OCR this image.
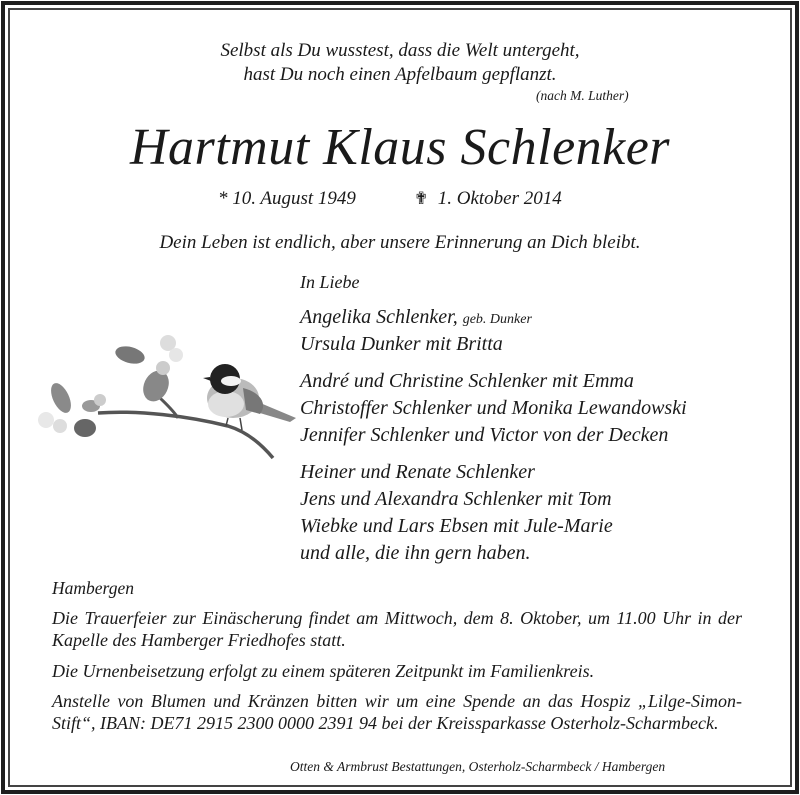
Selbst als Du wusstest, dass die Welt untergeht,
hast Du noch einen Apfelbaum gepflanzt.
(nach M. Luther)
Hartmut Klaus Schlenker
* 10. August 1949	✟ 1. Oktober 2014
Dein Leben ist endlich, aber unsere Erinnerung an Dich bleibt.
In Liebe
Angelika Schlenker, geb. Dunker
Ursula Dunker mit Britta
André und Christine Schlenker mit Emma
Christoffer Schlenker und Monika Lewandowski
Jennifer Schlenker und Victor von der Decken
Heiner und Renate Schlenker
Jens und Alexandra Schlenker mit Tom
Wiebke und Lars Ebsen mit Jule-Marie
und alle, die ihn gern haben.
Hambergen
Die Trauerfeier zur Einäscherung findet am Mittwoch, dem 8. Oktober, um 11.00 Uhr in der Kapelle des Hamberger Friedhofes statt.
Die Urnenbeisetzung erfolgt zu einem späteren Zeitpunkt im Familienkreis.
Anstelle von Blumen und Kränzen bitten wir um eine Spende an das Hospiz „Lilge-Simon-Stift“, IBAN: DE71 2915 2300 0000 2391 94 bei der Kreissparkasse Osterholz-Scharmbeck.
Otten & Armbrust Bestattungen, Osterholz-Scharmbeck / Hambergen
